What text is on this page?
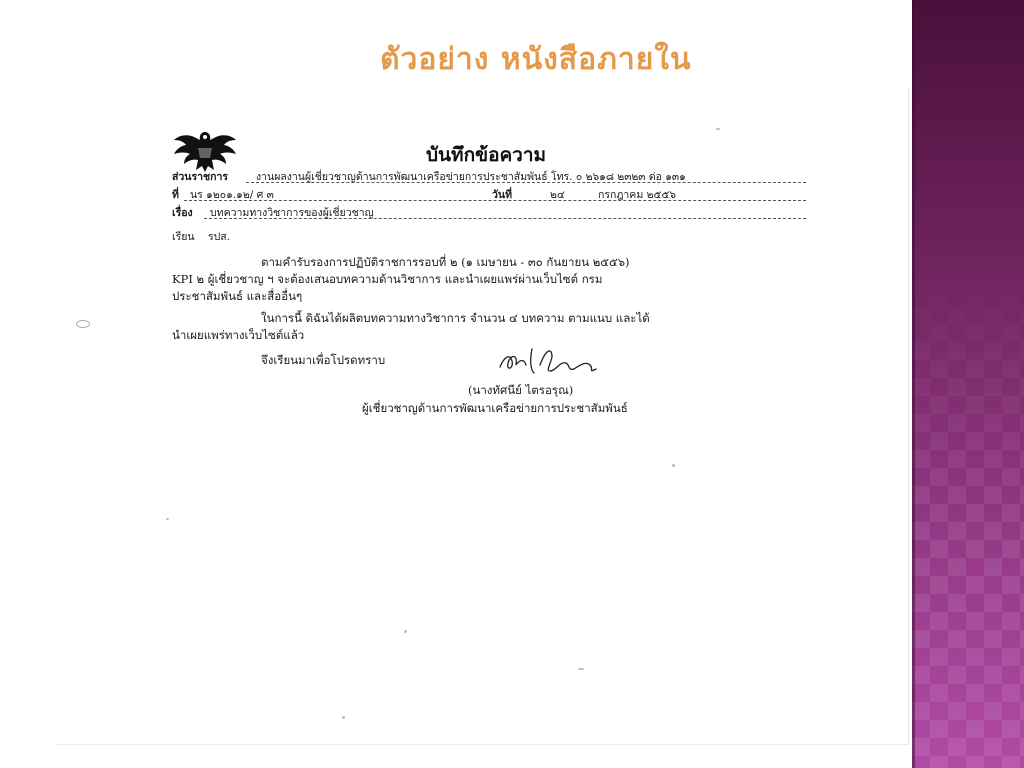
ตัวอย่าง หนังสือภายใน
บันทึกข้อความ
ส่วนราชการ	งานผลงานผู้เชี่ยวชาญด้านการพัฒนาเครือข่ายการประชาสัมพันธ์ โทร. ๐ ๒๖๑๘ ๒๓๒๓ ต่อ ๑๓๑
ที่ นร ๑๒๐๑.๑๒/ ศ ๓	วันที่	๒๔	กรกฎาคม ๒๕๕๖
เรื่อง บทความทางวิชาการของผู้เชี่ยวชาญ
เรียน รปส.
ตามคำรับรองการปฏิบัติราชการรอบที่ ๒ (๑ เมษายน - ๓๐ กันยายน ๒๕๕๖)
KPI ๒ ผู้เชี่ยวชาญ ฯ จะต้องเสนอบทความด้านวิชาการ และนำเผยแพร่ผ่านเว็บไซต์ กรม
ประชาสัมพันธ์ และสื่ออื่นๆ
ในการนี้ ดิฉันได้ผลิตบทความทางวิชาการ จำนวน ๔ บทความ ตามแนบ และได้
นำเผยแพร่ทางเว็บไซต์แล้ว
จึงเรียนมาเพื่อโปรดทราบ
(นางทัศนีย์ ไตรอรุณ)
ผู้เชี่ยวชาญด้านการพัฒนาเครือข่ายการประชาสัมพันธ์
